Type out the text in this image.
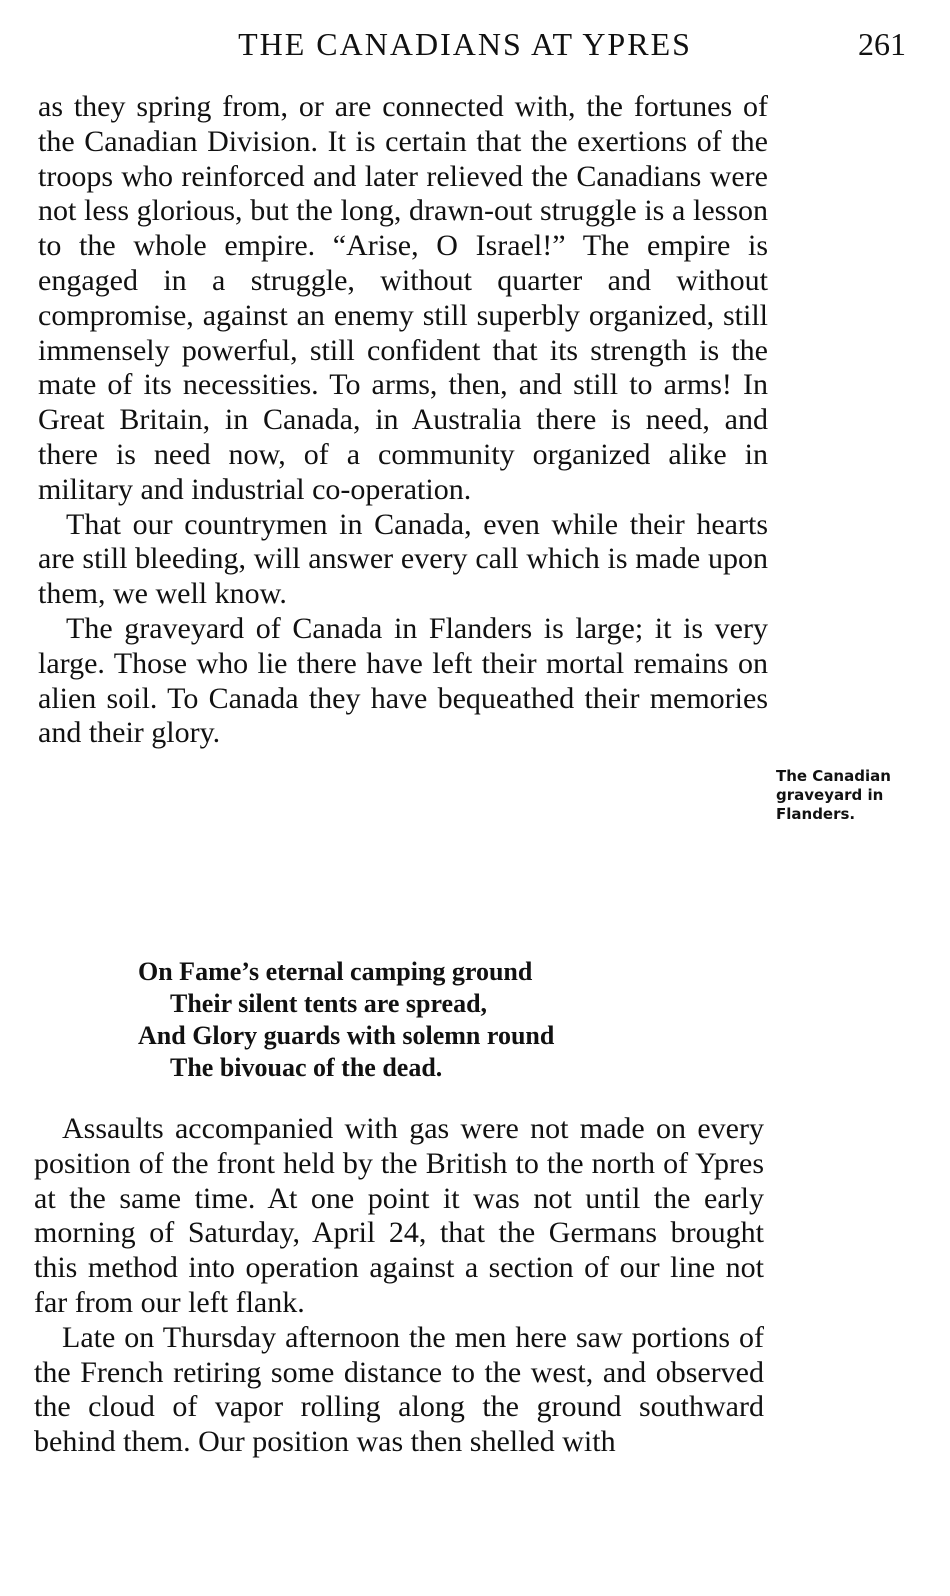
THE CANADIANS AT YPRES	261

as they spring from, or are connected with, the fortunes of the Canadian Division. It is certain that the exertions of the troops who reinforced and later relieved the Canadians were not less glorious, but the long, drawn-out struggle is a lesson to the whole empire. “Arise, O Israel!” The empire is engaged in a struggle, without quarter and without compromise, against an enemy still superbly organized, still immensely powerful, still confident that its strength is the mate of its necessities. To arms, then, and still to arms! In Great Britain, in Canada, in Australia there is need, and there is need now, of a community organized alike in military and industrial co-operation.

That our countrymen in Canada, even while their hearts are still bleeding, will answer every call which is made upon them, we well know.

The graveyard of Canada in Flanders is large; it is very large. Those who lie there have left their mortal remains on alien soil. To Canada they have bequeathed their memories and their glory.

The Canadian graveyard in Flanders.
On Fame’s eternal camping ground
Their silent tents are spread,
And Glory guards with solemn round
The bivouac of the dead.

Assaults accompanied with gas were not made on every position of the front held by the British to the north of Ypres at the same time. At one point it was not until the early morning of Saturday, April 24, that the Germans brought this method into operation against a section of our line not far from our left flank.

Late on Thursday afternoon the men here saw portions of the French retiring some distance to the west, and observed the cloud of vapor rolling along the ground southward behind them. Our position was then shelled with
